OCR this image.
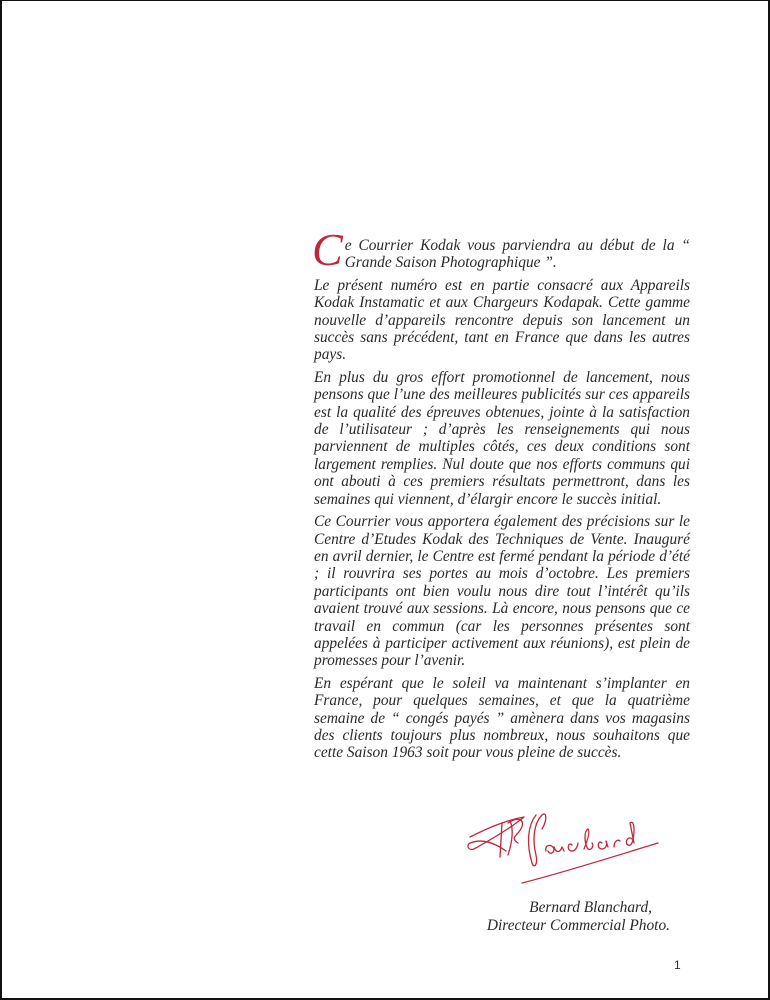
Ce Courrier Kodak vous parviendra au début de la “ Grande Saison Photographique ”.

Le présent numéro est en partie consacré aux Appareils Kodak Instamatic et aux Chargeurs Kodapak. Cette gamme nouvelle d’appareils rencontre depuis son lancement un succès sans précédent, tant en France que dans les autres pays.

En plus du gros effort promotionnel de lancement, nous pensons que l’une des meilleures publicités sur ces appareils est la qualité des épreuves obtenues, jointe à la satisfaction de l’utilisateur ; d’après les renseignements qui nous parviennent de multiples côtés, ces deux conditions sont largement remplies. Nul doute que nos efforts communs qui ont abouti à ces premiers résultats permettront, dans les semaines qui viennent, d’élargir encore le succès initial.

Ce Courrier vous apportera également des précisions sur le Centre d’Etudes Kodak des Techniques de Vente. Inauguré en avril dernier, le Centre est fermé pendant la période d’été ; il rouvrira ses portes au mois d’octobre. Les premiers participants ont bien voulu nous dire tout l’intérêt qu’ils avaient trouvé aux sessions. Là encore, nous pensons que ce travail en commun (car les personnes présentes sont appelées à participer activement aux réunions), est plein de promesses pour l’avenir.

En espérant que le soleil va maintenant s’implanter en France, pour quelques semaines, et que la quatrième semaine de “ congés payés ” amènera dans vos magasins des clients toujours plus nombreux, nous souhaitons que cette Saison 1963 soit pour vous pleine de succès.

Bernard Blanchard,
Directeur Commercial Photo.
1
